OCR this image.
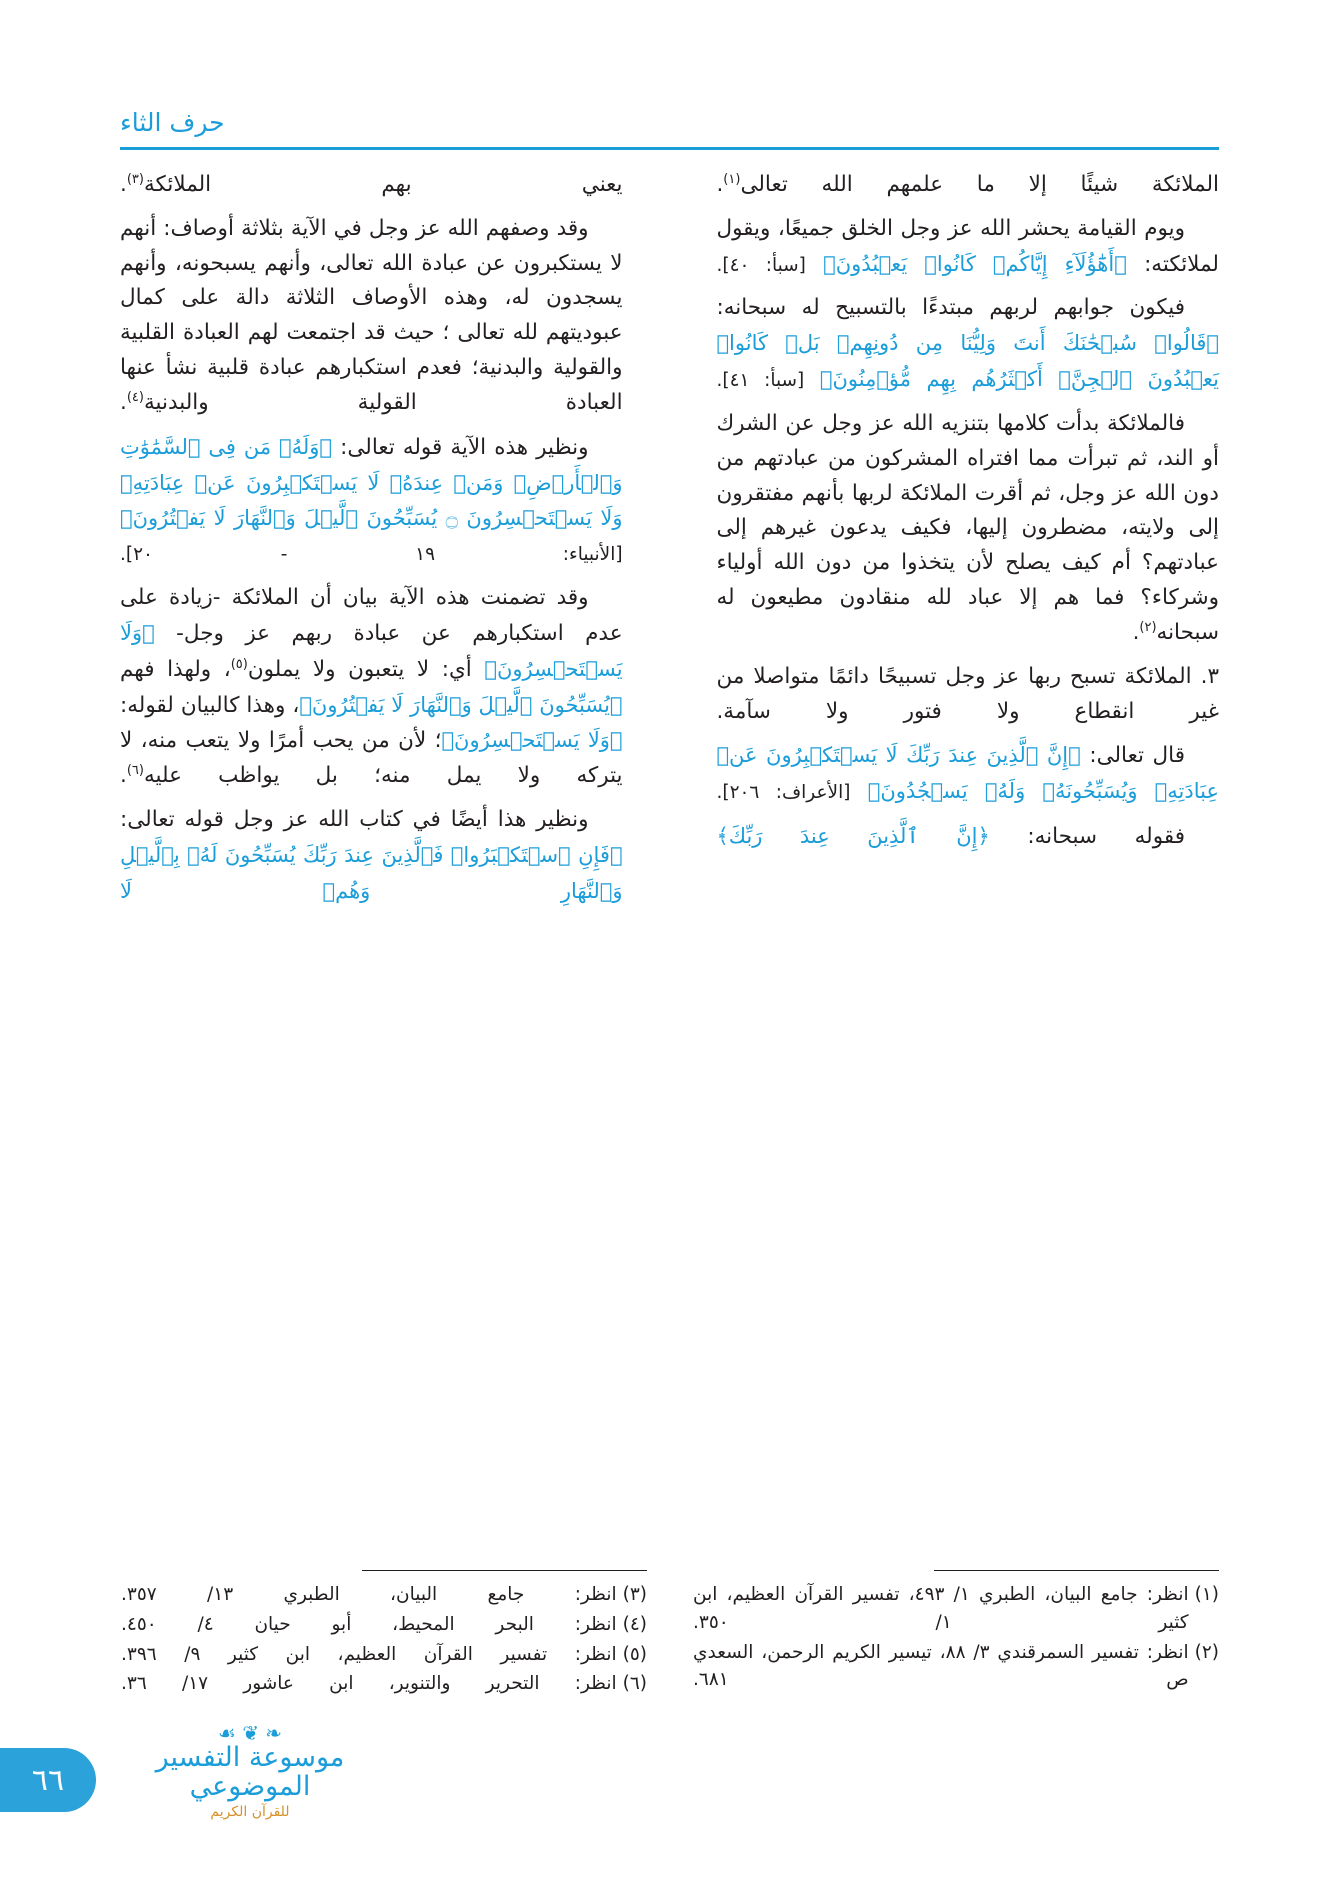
حرف الثاء

الملائكة شيئًا إلا ما علمهم الله تعالى$^{(١)}$.

ويوم القيامة يحشر الله عز وجل الخلق جميعًا، ويقول لملائكته: ﴿أَهَٰٓؤُلَآءِ إِيَّاكُمۡ كَانُوا۟ يَعۡبُدُونَ﴾ [سبأ: ٤٠].

فيكون جوابهم لربهم مبتدءًا بالتسبيح له سبحانه: ﴿قَالُوا۟ سُبۡحَٰنَكَ أَنتَ وَلِيُّنَا مِن دُونِهِمۖ بَلۡ كَانُوا۟ يَعۡبُدُونَ ٱلۡجِنَّۖ أَكۡثَرُهُم بِهِم مُّؤۡمِنُونَ﴾ [سبأ: ٤١].

فالملائكة بدأت كلامها بتنزيه الله عز وجل عن الشرك أو الند، ثم تبرأت مما افتراه المشركون من عبادتهم من دون الله عز وجل، ثم أقرت الملائكة لربها بأنهم مفتقرون إلى ولايته، مضطرون إليها، فكيف يدعون غيرهم إلى عبادتهم؟ أم كيف يصلح لأن يتخذوا من دون الله أولياء وشركاء؟ فما هم إلا عباد لله منقادون مطيعون له سبحانه$^{(٢)}$.

٣. الملائكة تسبح ربها عز وجل تسبيحًا دائمًا متواصلا من غير انقطاع ولا فتور ولا سآمة.

قال تعالى: ﴿إِنَّ ٱلَّذِينَ عِندَ رَبِّكَ لَا يَسۡتَكۡبِرُونَ عَنۡ عِبَادَتِهِۦ وَيُسَبِّحُونَهُۥ وَلَهُۥ يَسۡجُدُونَ﴾ [الأعراف: ٢٠٦].

فقوله سبحانه: ﴿إِنَّ ٱلَّذِينَ عِندَ رَبِّكَ﴾

يعني بهم الملائكة$^{(٣)}$.

وقد وصفهم الله عز وجل في الآية بثلاثة أوصاف: أنهم لا يستكبرون عن عبادة الله تعالى، وأنهم يسبحونه، وأنهم يسجدون له، وهذه الأوصاف الثلاثة دالة على كمال عبوديتهم لله تعالى ؛ حيث قد اجتمعت لهم العبادة القلبية والقولية والبدنية؛ فعدم استكبارهم عبادة قلبية نشأ عنها العبادة القولية والبدنية$^{(٤)}$.

ونظير هذه الآية قوله تعالى: ﴿وَلَهُۥ مَن فِى ٱلسَّمَٰوَٰتِ وَٱلۡأَرۡضِۚ وَمَنۡ عِندَهُۥ لَا يَسۡتَكۡبِرُونَ عَنۡ عِبَادَتِهِۦ وَلَا يَسۡتَحۡسِرُونَ ۝ يُسَبِّحُونَ ٱلَّيۡلَ وَٱلنَّهَارَ لَا يَفۡتُرُونَ﴾ [الأنبياء: ١٩ - ٢٠].

وقد تضمنت هذه الآية بيان أن الملائكة -زيادة على عدم استكبارهم عن عبادة ربهم عز وجل- ﴿وَلَا يَسۡتَحۡسِرُونَ﴾ أي: لا يتعبون ولا يملون$^{(٥)}$، ولهذا فهم ﴿يُسَبِّحُونَ ٱلَّيۡلَ وَٱلنَّهَارَ لَا يَفۡتُرُونَ﴾، وهذا كالبيان لقوله: ﴿وَلَا يَسۡتَحۡسِرُونَ﴾؛ لأن من يحب أمرًا ولا يتعب منه، لا يتركه ولا يمل منه؛ بل يواظب عليه$^{(٦)}$.

ونظير هذا أيضًا في كتاب الله عز وجل قوله تعالى: ﴿فَإِنِ ٱسۡتَكۡبَرُوا۟ فَٱلَّذِينَ عِندَ رَبِّكَ يُسَبِّحُونَ لَهُۥ بِٱلَّيۡلِ وَٱلنَّهَارِ وَهُمۡ لَا

(١)
انظر: جامع البيان، الطبري ١/ ٤٩٣، تفسير القرآن العظيم، ابن كثير ١/ ٣٥٠.
(٢)
انظر: تفسير السمرقندي ٣/ ٨٨، تيسير الكريم الرحمن، السعدي ص ٦٨١.
(٣)
انظر: جامع البيان، الطبري ١٣/ ٣٥٧.
(٤)
انظر: البحر المحيط، أبو حيان ٤/ ٤٥٠.
(٥)
انظر: تفسير القرآن العظيم، ابن كثير ٩/ ٣٩٦.
(٦)
انظر: التحرير والتنوير، ابن عاشور ١٧/ ٣٦.
٦٦
❧ ❦ ☙
موسوعة التفسير الموضوعي
للقرآن الكريم
